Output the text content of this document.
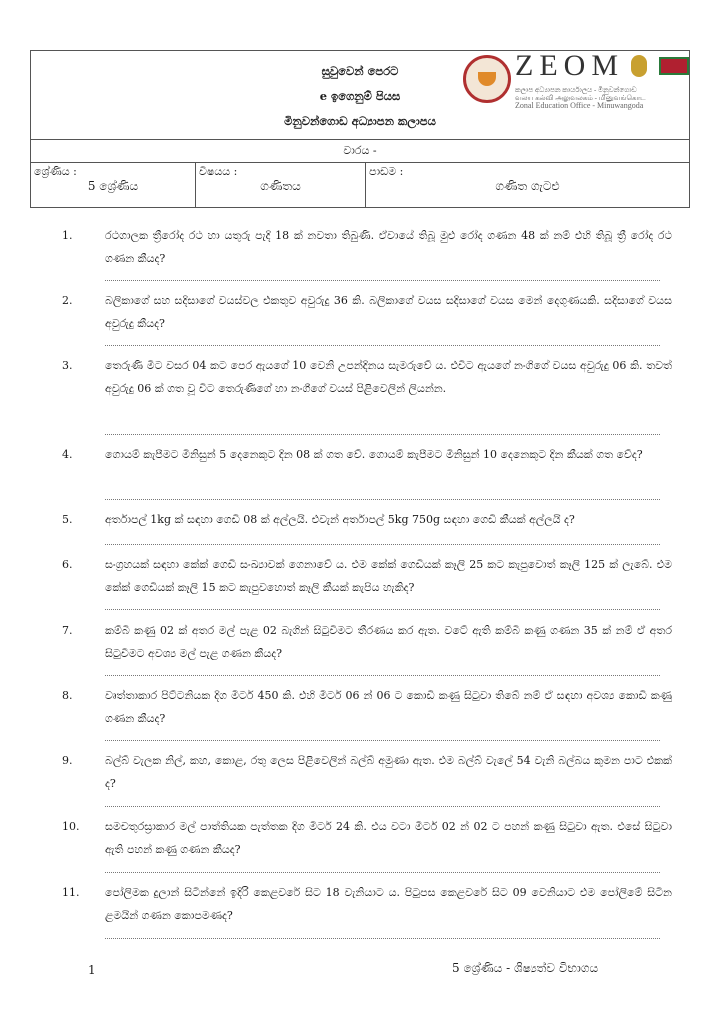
සුවුවෙන් පෙරට
e ඉගෙනුම් පියස
මිනුවන්ගොඩ අධ්‍යාපන කලාපය
ZEOM
කලාප අධ්‍යාපන කාර්යාලය - මිනුවන්ගොඩ
வலய கல்வி அலுவலகம் - மினுவங்கொட
Zonal Education Office - Minuwangoda
වාරය -
ශ්‍රේණිය :
5 ශ්‍රේණිය
විෂයය :
ගණිතය
පාඩම :
ගණිත ගැටළු
1.	රථගාලක ත්‍රීරෝද රථ හා යතුරු පැදි 18 ක් නවතා තිබුණි. ඒවායේ තිබූ මුළු රෝද ගණන 48 ක් නම් එහි තිබූ ත්‍රී රෝද රථ ගණන කීයද?
2.	බලිකාගේ සහ සදිසාගේ වයස්වල එකතුව අවුරුදු 36 කි. බලිකාගේ වයස සදිසාගේ වයස මෙන් දෙගුණයකි. සදිසාගේ වයස අවුරුදු කීයද?
3.	තෙරුණි මීට වසර 04 කට පෙර ඇයගේ 10 වෙනි උපන්දිනය සැමරුවේ ය. එවිට ඇයගේ නංගිගේ වයස අවුරුදු 06 කි. තවත් අවුරුදු 06 ක් ගත වූ විට තෙරුණිගේ හා නංගීගේ වයස් පිළිවෙලින් ලියන්න.
4.	ගොයම් කැපීමට මිනිසුන් 5 දෙනෙකුට දින 08 ක් ගත වේ. ගොයම් කැපීමට මිනිසුන් 10 දෙනෙකුට දින කීයක් ගත වේද?
5.	අර්තාපල් 1kg ක් සඳහා ගෙඩි 08 ක් අල්ලයි. එවැන් අර්තාපල් 5kg 750g සඳහා ගෙඩි කීයක් අල්ලයි ද?
6.	සංග්‍රහයක් සඳහා කේක් ගෙඩි සංඛ්‍යාවක් ගෙනාවේ ය. එම කේක් ගෙඩියක් කෑලි 25 කට කැපුවොත් කෑලි 125 ක් ලැබේ. එම කේක් ගෙඩියක් කෑලි 15 කට කැපුවහොත් කෑලි කීයක් කැපිය හැකිද?
7.	කම්බි කණු 02 ක් අතර මල් පැළ 02 බැගින් සිටුවීමට තීරණය කර ඇත. වටේ ඇති කම්බි කණු ගණන 35 ක් නම් ඒ අතර සිටුවීමට අවශ්‍ය මල් පැළ ගණන කීයද?
8.	වෘත්තාකාර පිට්ටනියක දිග මීටර් 450 කි. එහි මීටර් 06 න් 06 ට කොඩි කණු සිටුවා තිබේ නම් ඒ සඳහා අවශ්‍ය කොඩි කණු ගණන කීයද?
9.	බල්බ් වැලක නිල්, කහ, කොළ, රතු ලෙස පිළිවෙලින් බල්බ් අමුණා ඇත. එම බල්බ් වැලේ 54 වැනි බල්බය කුමන පාට එකක් ද?
10. සමචතුරස්‍රාකාර මල් පාත්තියක පැත්තක දිග මීටර් 24 කි. එය වටා මීටර් 02 න් 02 ට පහන් කණු සිටුවා ඇත. එසේ සිටුවා ඇති පහන් කණු ගණන කීයද?
11. පෝලිමක දුලාන් සිටින්නේ ඉදිරි කෙළවරේ සිට 18 වැනියාට ය. පිටුපස කෙළවරේ සිට 09 වෙනියාට එම පෝලිමේ සිටින ළමයින් ගණන කොපමණද?
1	5 ශ්‍රේණිය - ශිෂ්‍යත්ව විභාගය
